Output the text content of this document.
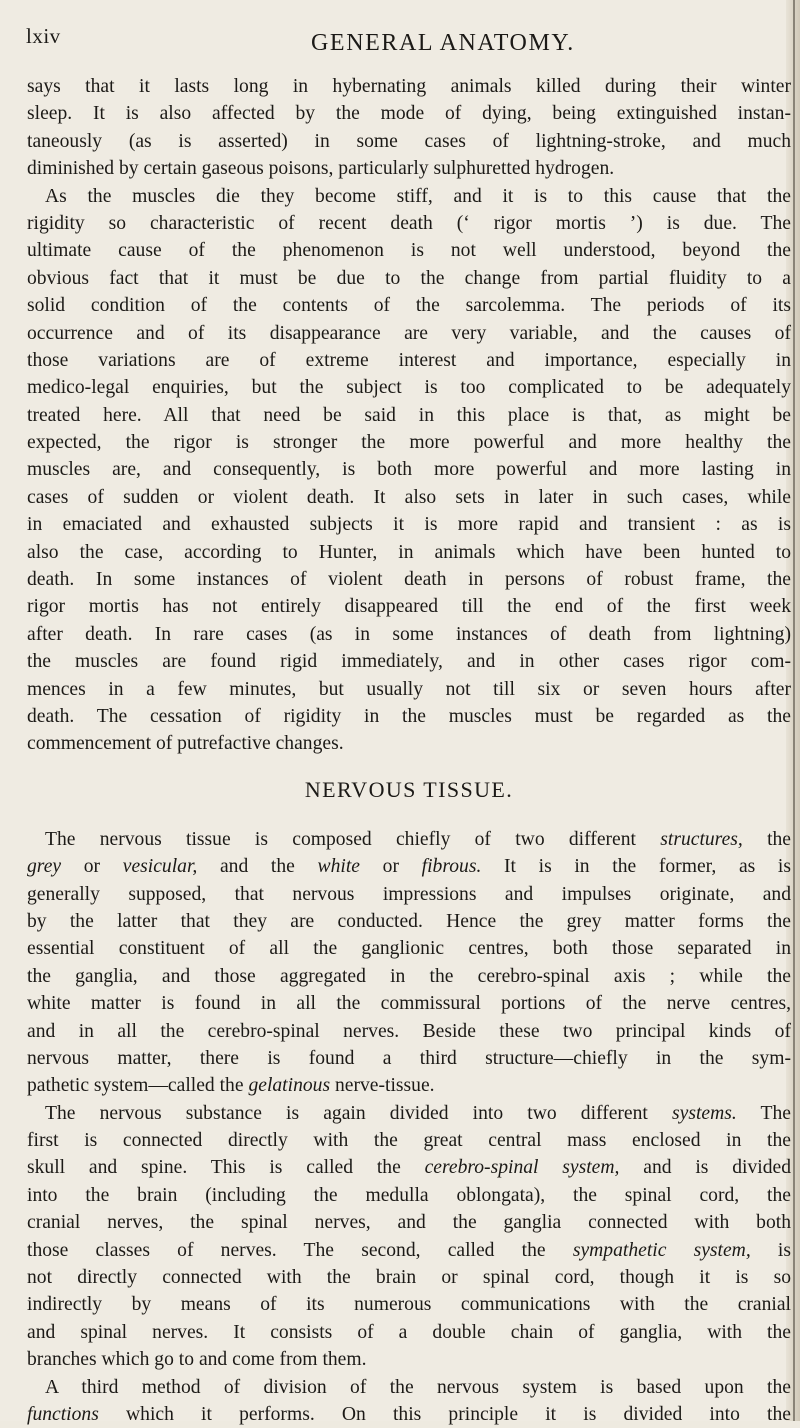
lxiv	GENERAL ANATOMY.
says that it lasts long in hybernating animals killed during their winter
sleep. It is also affected by the mode of dying, being extinguished instan-
taneously (as is asserted) in some cases of lightning-stroke, and much
diminished by certain gaseous poisons, particularly sulphuretted hydrogen.
As the muscles die they become stiff, and it is to this cause that the
rigidity so characteristic of recent death (‘ rigor mortis ’) is due. The
ultimate cause of the phenomenon is not well understood, beyond the
obvious fact that it must be due to the change from partial fluidity to a
solid condition of the contents of the sarcolemma. The periods of its
occurrence and of its disappearance are very variable, and the causes of
those variations are of extreme interest and importance, especially in
medico-legal enquiries, but the subject is too complicated to be adequately
treated here. All that need be said in this place is that, as might be
expected, the rigor is stronger the more powerful and more healthy the
muscles are, and consequently, is both more powerful and more lasting in
cases of sudden or violent death. It also sets in later in such cases, while
in emaciated and exhausted subjects it is more rapid and transient : as is
also the case, according to Hunter, in animals which have been hunted to
death. In some instances of violent death in persons of robust frame, the
rigor mortis has not entirely disappeared till the end of the first week
after death. In rare cases (as in some instances of death from lightning)
the muscles are found rigid immediately, and in other cases rigor com-
mences in a few minutes, but usually not till six or seven hours after
death. The cessation of rigidity in the muscles must be regarded as the
commencement of putrefactive changes.
NERVOUS TISSUE.
The nervous tissue is composed chiefly of two different structures, the
grey or vesicular, and the white or fibrous. It is in the former, as is
generally supposed, that nervous impressions and impulses originate, and
by the latter that they are conducted. Hence the grey matter forms the
essential constituent of all the ganglionic centres, both those separated in
the ganglia, and those aggregated in the cerebro-spinal axis ; while the
white matter is found in all the commissural portions of the nerve centres,
and in all the cerebro-spinal nerves. Beside these two principal kinds of
nervous matter, there is found a third structure—chiefly in the sym-
pathetic system—called the gelatinous nerve-tissue.
The nervous substance is again divided into two different systems. The
first is connected directly with the great central mass enclosed in the
skull and spine. This is called the cerebro-spinal system, and is divided
into the brain (including the medulla oblongata), the spinal cord, the
cranial nerves, the spinal nerves, and the ganglia connected with both
those classes of nerves. The second, called the sympathetic system, is
not directly connected with the brain or spinal cord, though it is so
indirectly by means of its numerous communications with the cranial
and spinal nerves. It consists of a double chain of ganglia, with the
branches which go to and come from them.
A third method of division of the nervous system is based upon the
functions which it performs. On this principle it is divided into the
